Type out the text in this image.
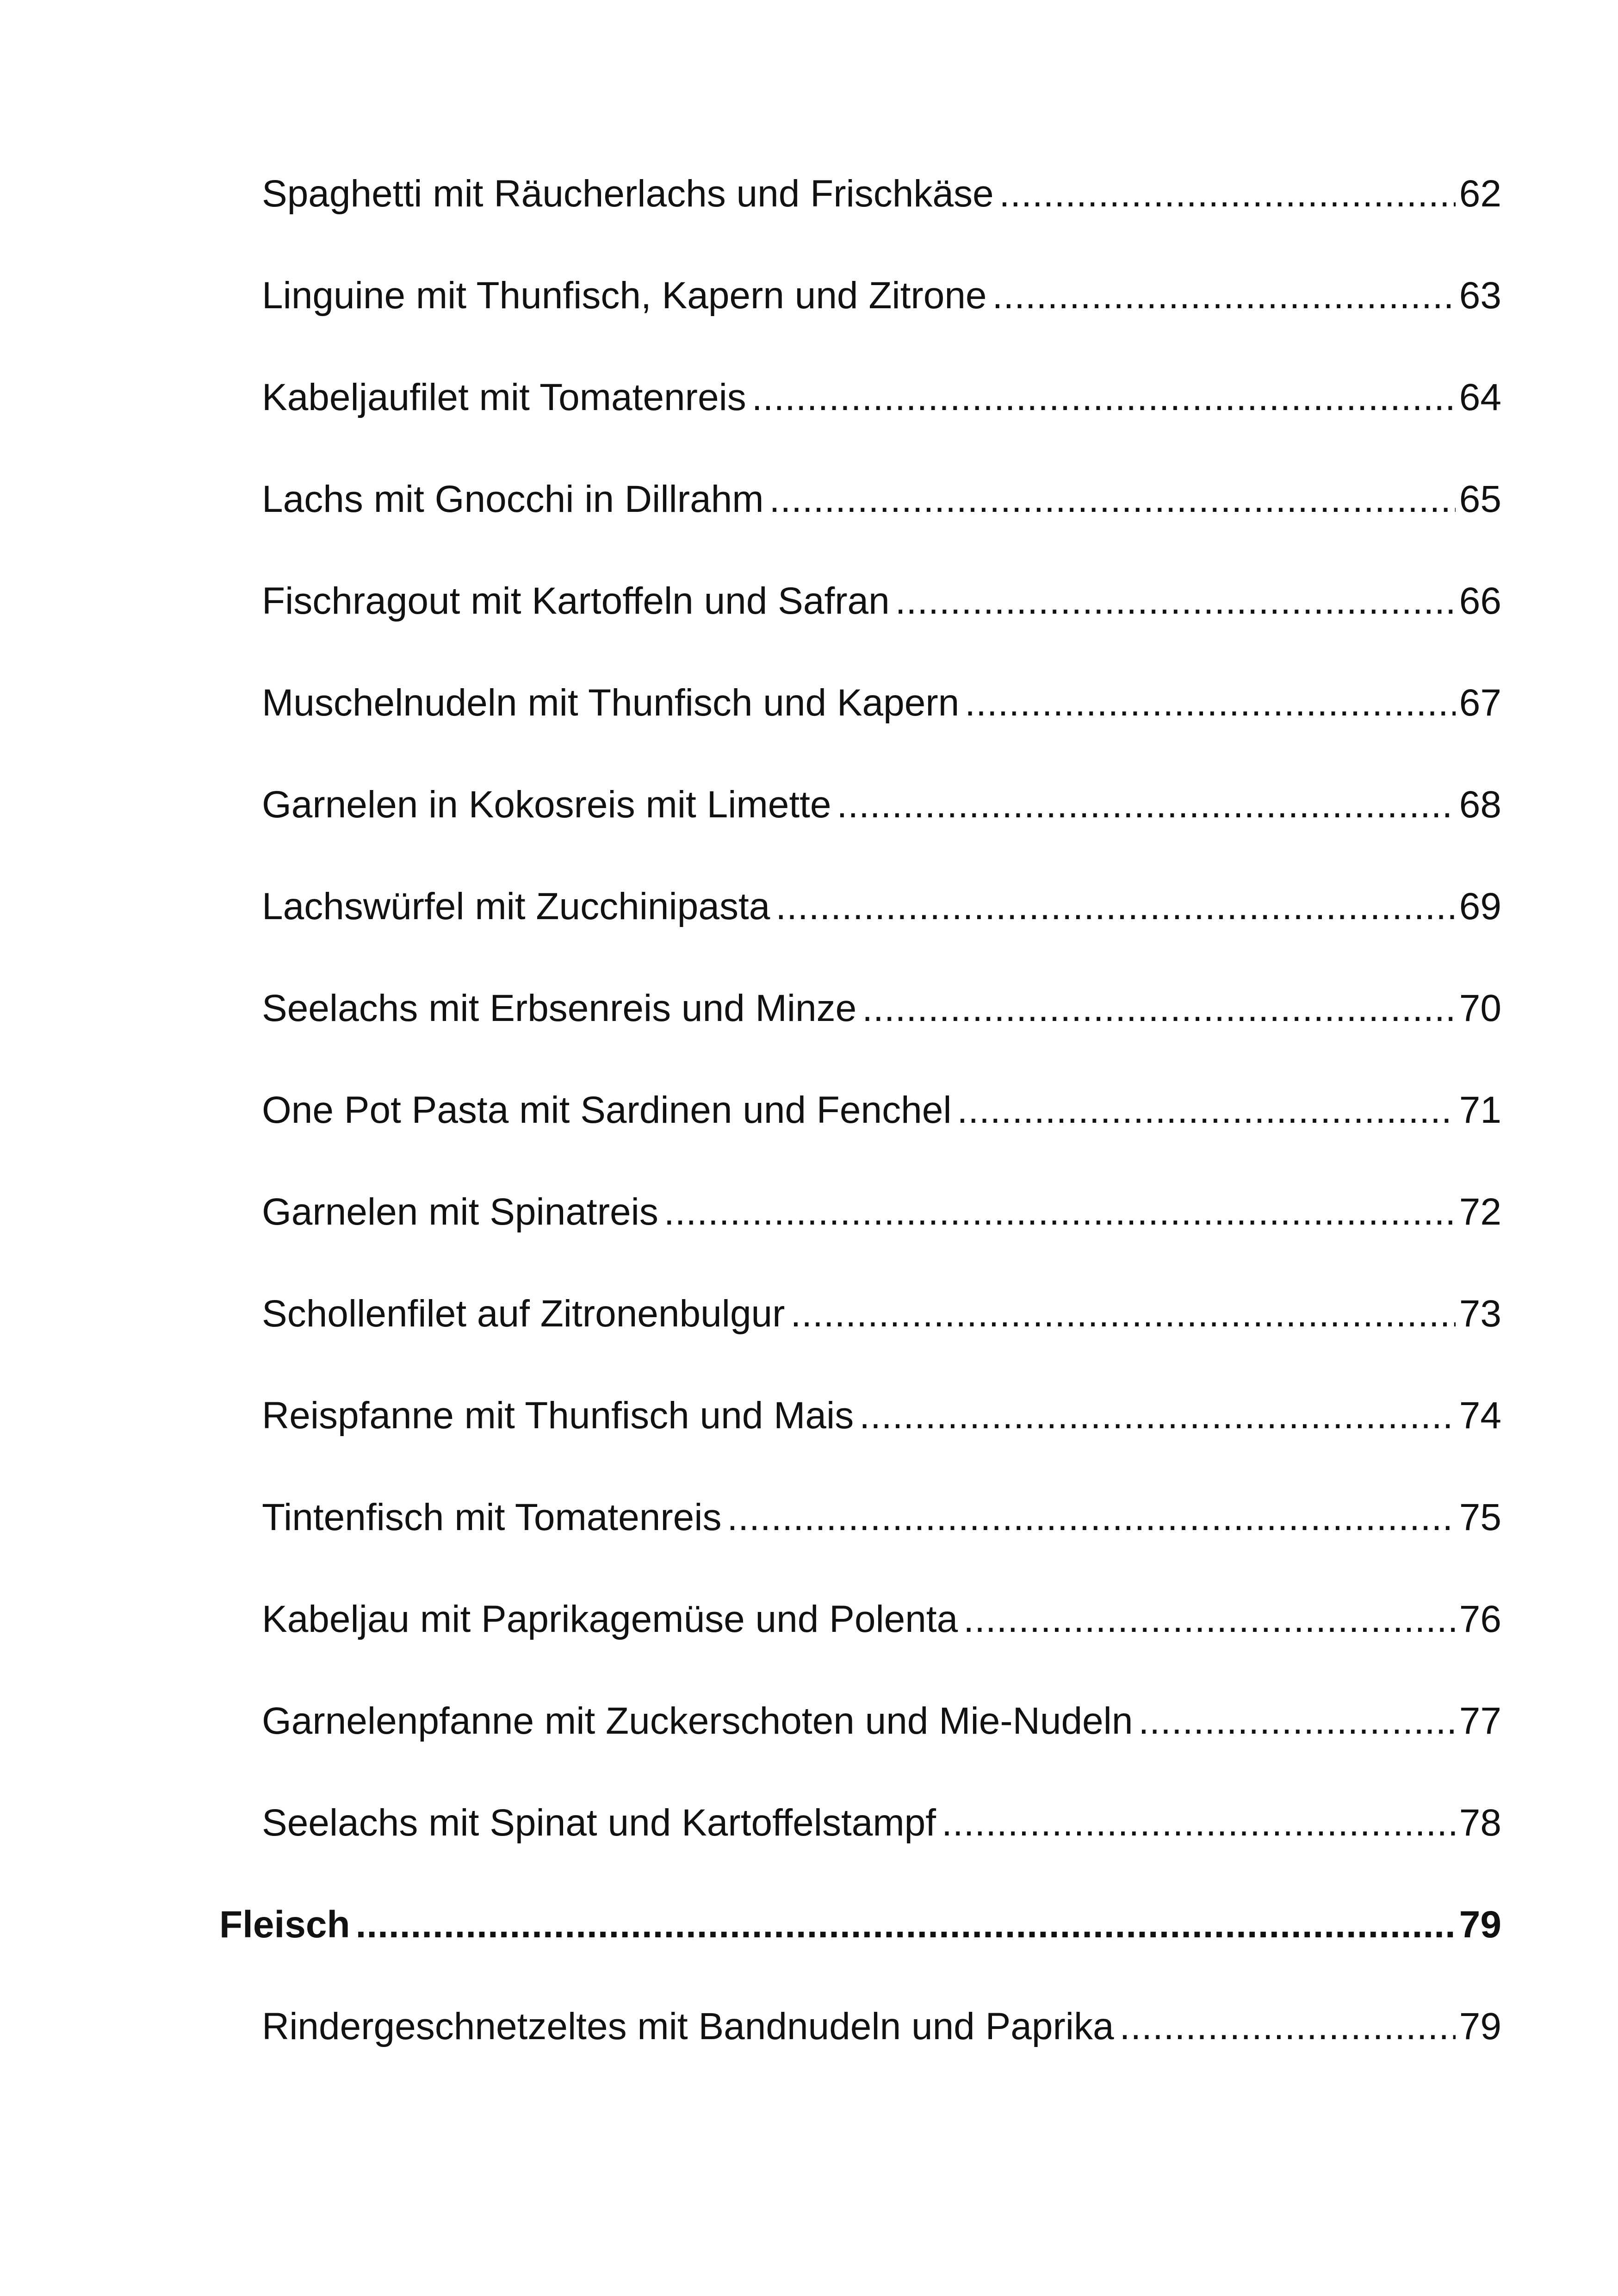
Spaghetti mit Räucherlachs und Frischkäse .....	62
Linguine mit Thunfisch, Kapern und Zitrone .....	63
Kabeljaufilet mit Tomatenreis .....	64
Lachs mit Gnocchi in Dillrahm .....	65
Fischragout mit Kartoffeln und Safran .....	66
Muschelnudeln mit Thunfisch und Kapern .....	67
Garnelen in Kokosreis mit Limette .....	68
Lachswürfel mit Zucchinipasta .....	69
Seelachs mit Erbsenreis und Minze .....	70
One Pot Pasta mit Sardinen und Fenchel .....	71
Garnelen mit Spinatreis .....	72
Schollenfilet auf Zitronenbulgur .....	73
Reispfanne mit Thunfisch und Mais .....	74
Tintenfisch mit Tomatenreis .....	75
Kabeljau mit Paprikagemüse und Polenta .....	76
Garnelenpfanne mit Zuckerschoten und Mie-Nudeln .....	77
Seelachs mit Spinat und Kartoffelstampf .....	78
Fleisch .....	79
Rindergeschnetzeltes mit Bandnudeln und Paprika .....	79
